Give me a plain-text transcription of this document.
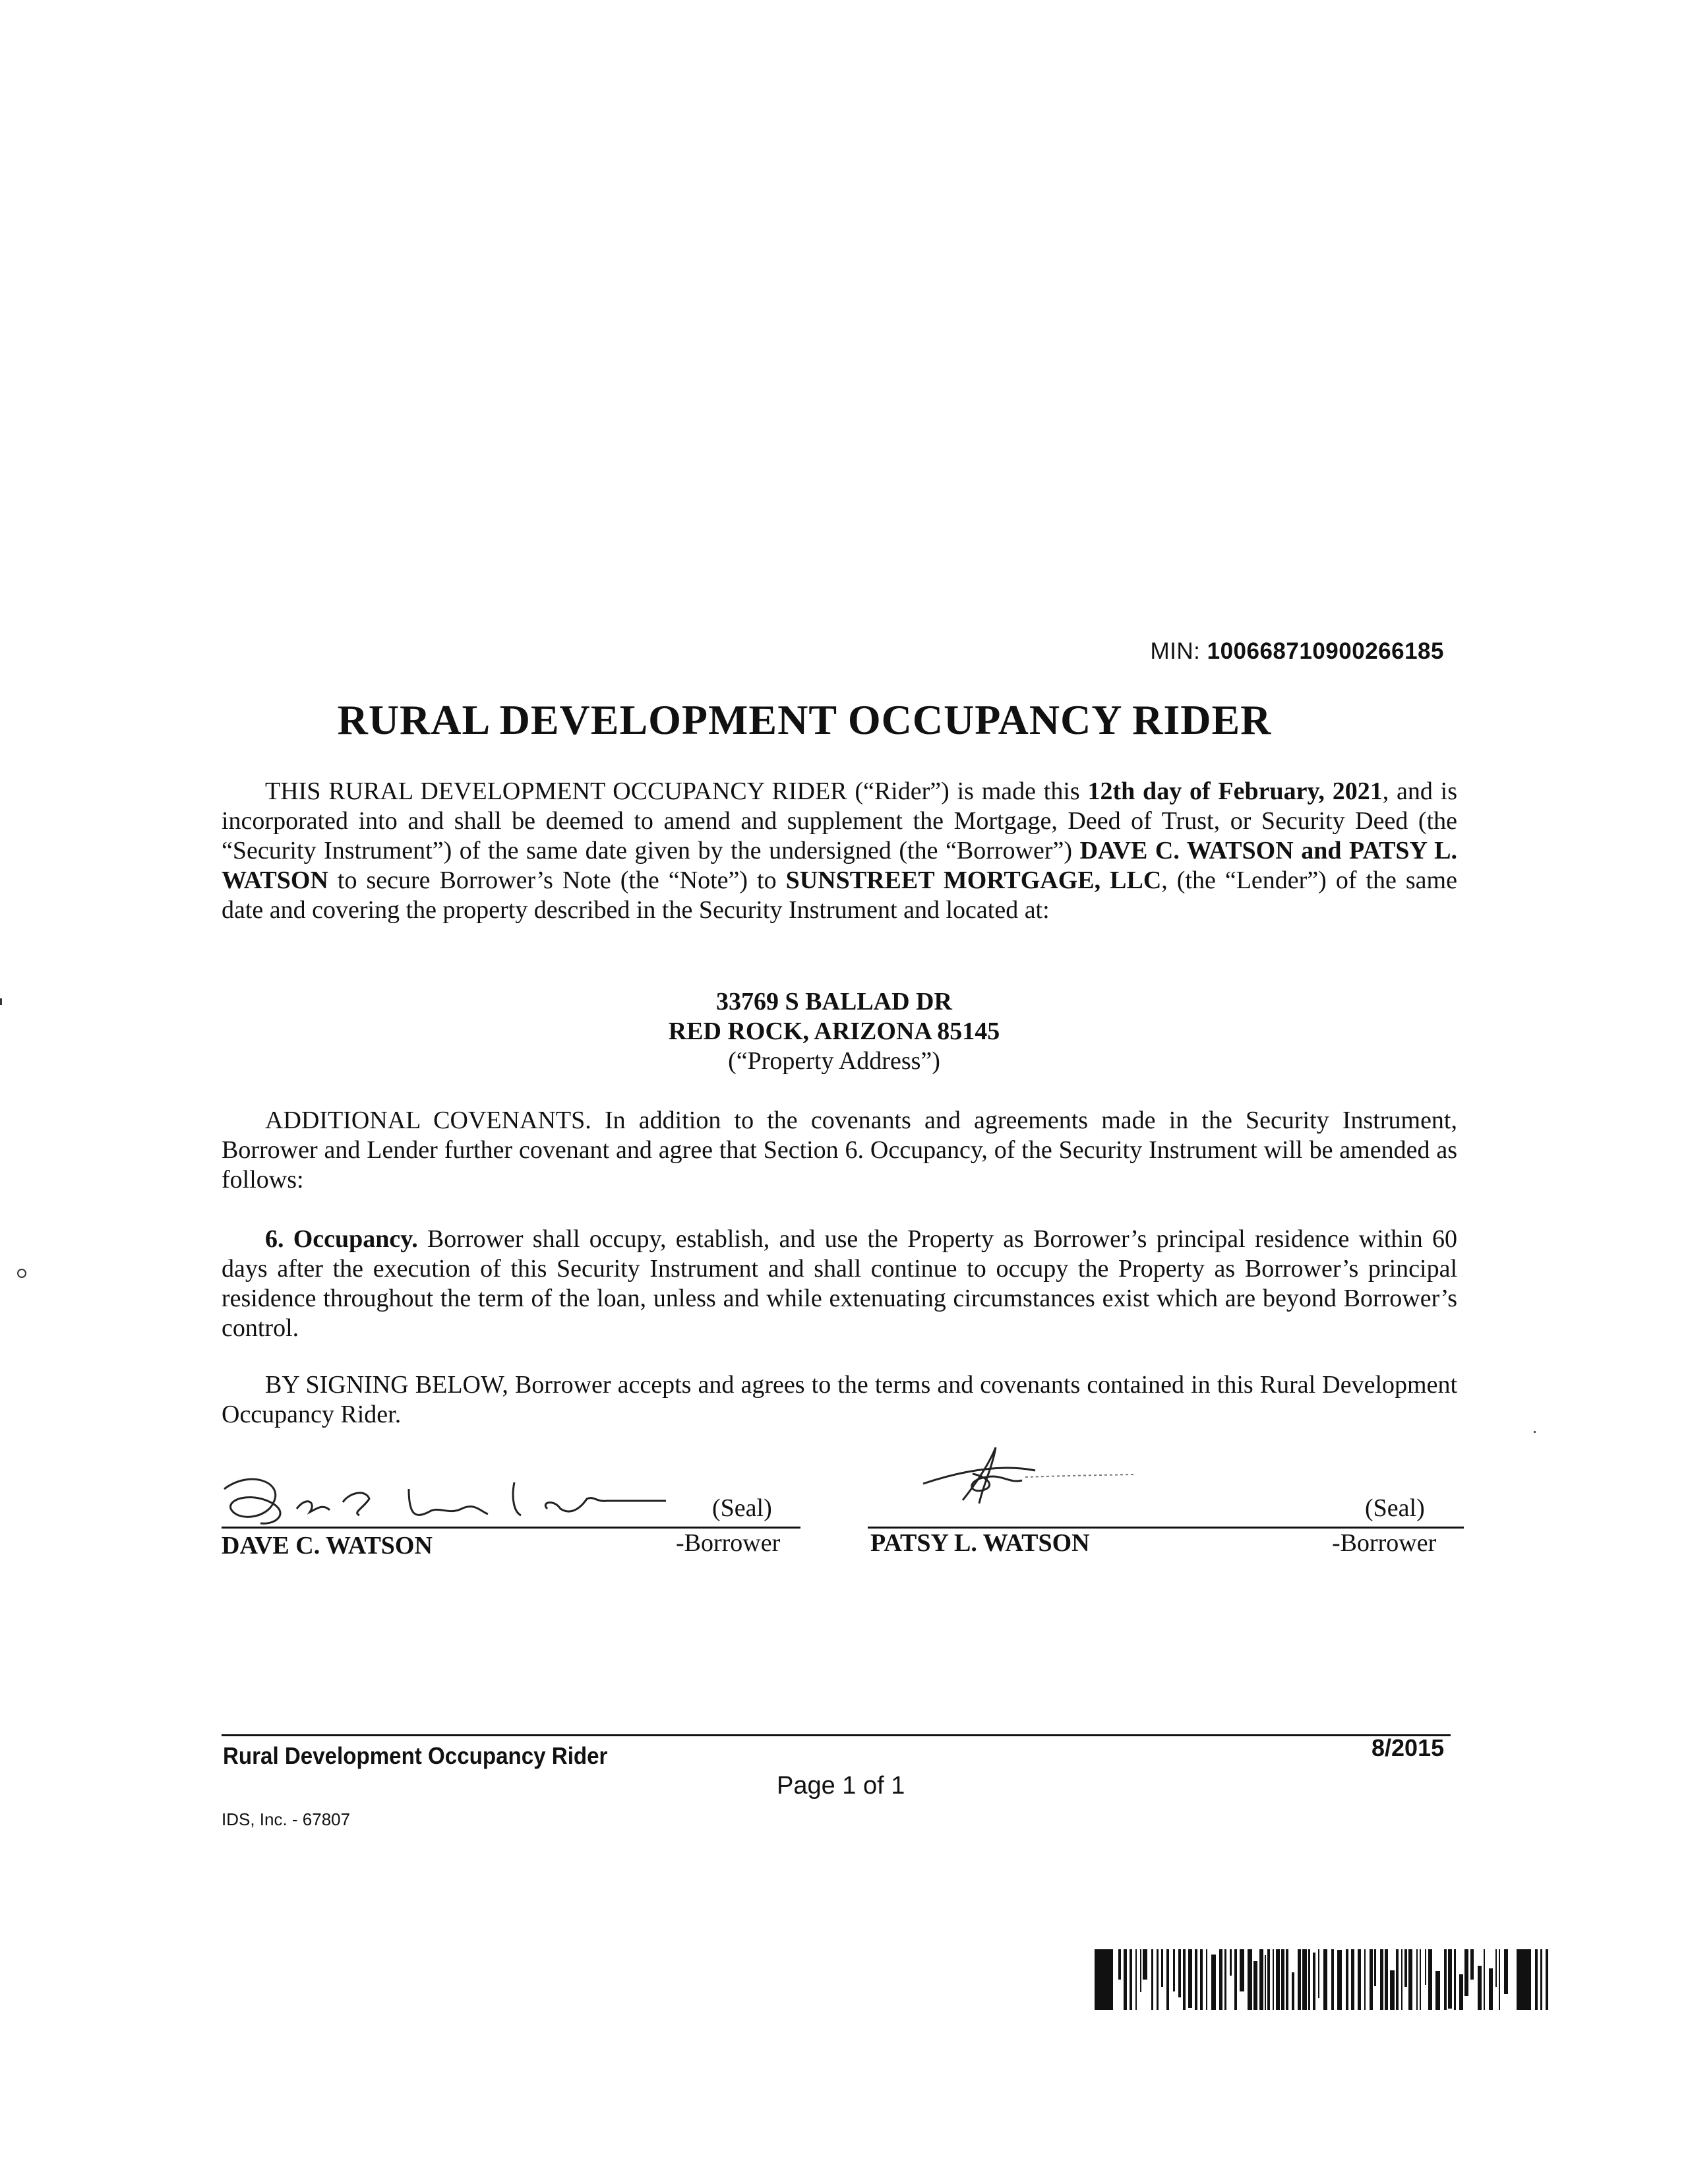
MIN: 100668710900266185
RURAL DEVELOPMENT OCCUPANCY RIDER
THIS RURAL DEVELOPMENT OCCUPANCY RIDER (“Rider”) is made this 12th day of February, 2021, and is incorporated into and shall be deemed to amend and supplement the Mortgage, Deed of Trust, or Security Deed (the “Security Instrument”) of the same date given by the undersigned (the “Borrower”) DAVE C. WATSON and PATSY L. WATSON to secure Borrower’s Note (the “Note”) to SUNSTREET MORTGAGE, LLC, (the “Lender”) of the same date and covering the property described in the Security Instrument and located at:
33769 S BALLAD DR
RED ROCK, ARIZONA 85145
(“Property Address”)
ADDITIONAL COVENANTS. In addition to the covenants and agreements made in the Security Instrument, Borrower and Lender further covenant and agree that Section 6. Occupancy, of the Security Instrument will be amended as follows:
6. Occupancy. Borrower shall occupy, establish, and use the Property as Borrower’s principal residence within 60 days after the execution of this Security Instrument and shall continue to occupy the Property as Borrower’s principal residence throughout the term of the loan, unless and while extenuating circumstances exist which are beyond Borrower’s control.
BY SIGNING BELOW, Borrower accepts and agrees to the terms and covenants contained in this Rural Development Occupancy Rider.
(Seal)
DAVE C. WATSON	-Borrower
(Seal)
PATSY L. WATSON	-Borrower
Rural Development Occupancy Rider	8/2015
Page 1 of 1
IDS, Inc. - 67807
